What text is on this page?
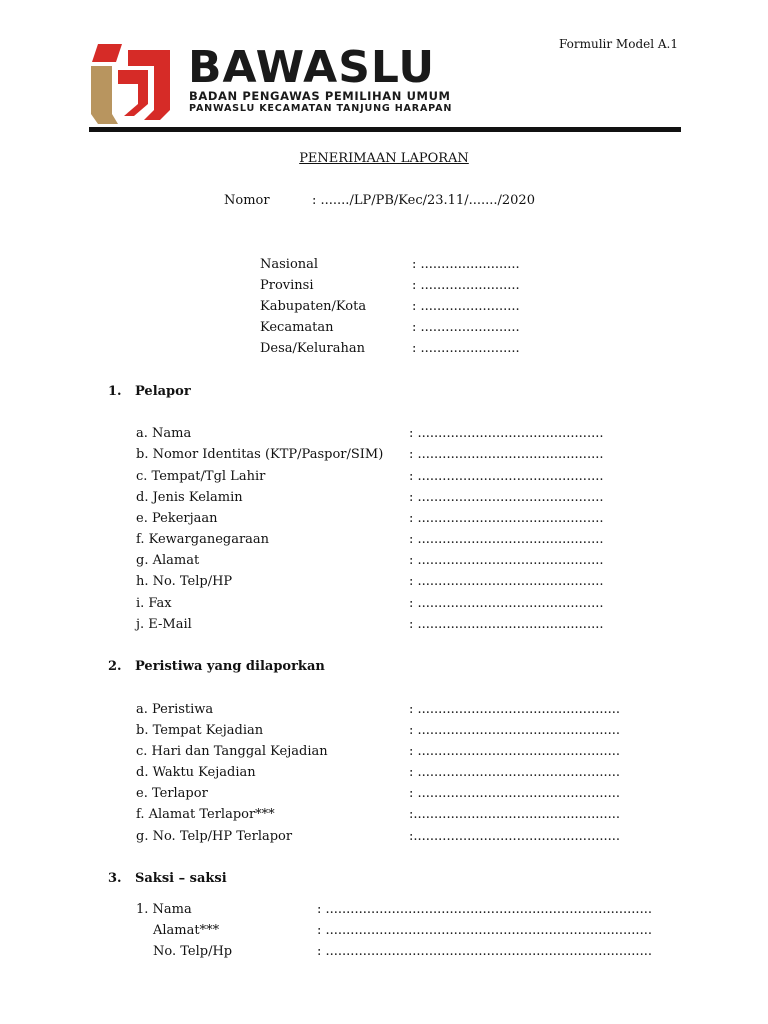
Formulir Model A.1
BAWASLU
BADAN PENGAWAS PEMILIHAN UMUM
PANWASLU KECAMATAN TANJUNG HARAPAN
PENERIMAAN LAPORAN
Nomor	: ......./LP/PB/Kec/23.11/......./2020
Nasional	: ........................
Provinsi	: ........................
Kabupaten/Kota	: ........................
Kecamatan	: ........................
Desa/Kelurahan	: ........................
1. Pelapor
a. Nama	: .............................................
b. Nomor Identitas (KTP/Paspor/SIM) : .............................................
c. Tempat/Tgl Lahir	: .............................................
d. Jenis Kelamin	: .............................................
e. Pekerjaan	: .............................................
f. Kewarganegaraan	: .............................................
g. Alamat	: .............................................
h. No. Telp/HP	: .............................................
i. Fax	: .............................................
j. E-Mail	: .............................................
2. Peristiwa yang dilaporkan
a. Peristiwa	: .................................................
b. Tempat Kejadian	: .................................................
c. Hari dan Tanggal Kejadian	: .................................................
d. Waktu Kejadian	: .................................................
e. Terlapor	: .................................................
f. Alamat Terlapor***	:..................................................
g. No. Telp/HP Terlapor	:..................................................
3. Saksi – saksi
1. Nama	: ...............................................................................
Alamat***	: ...............................................................................
No. Telp/Hp	: ...............................................................................
